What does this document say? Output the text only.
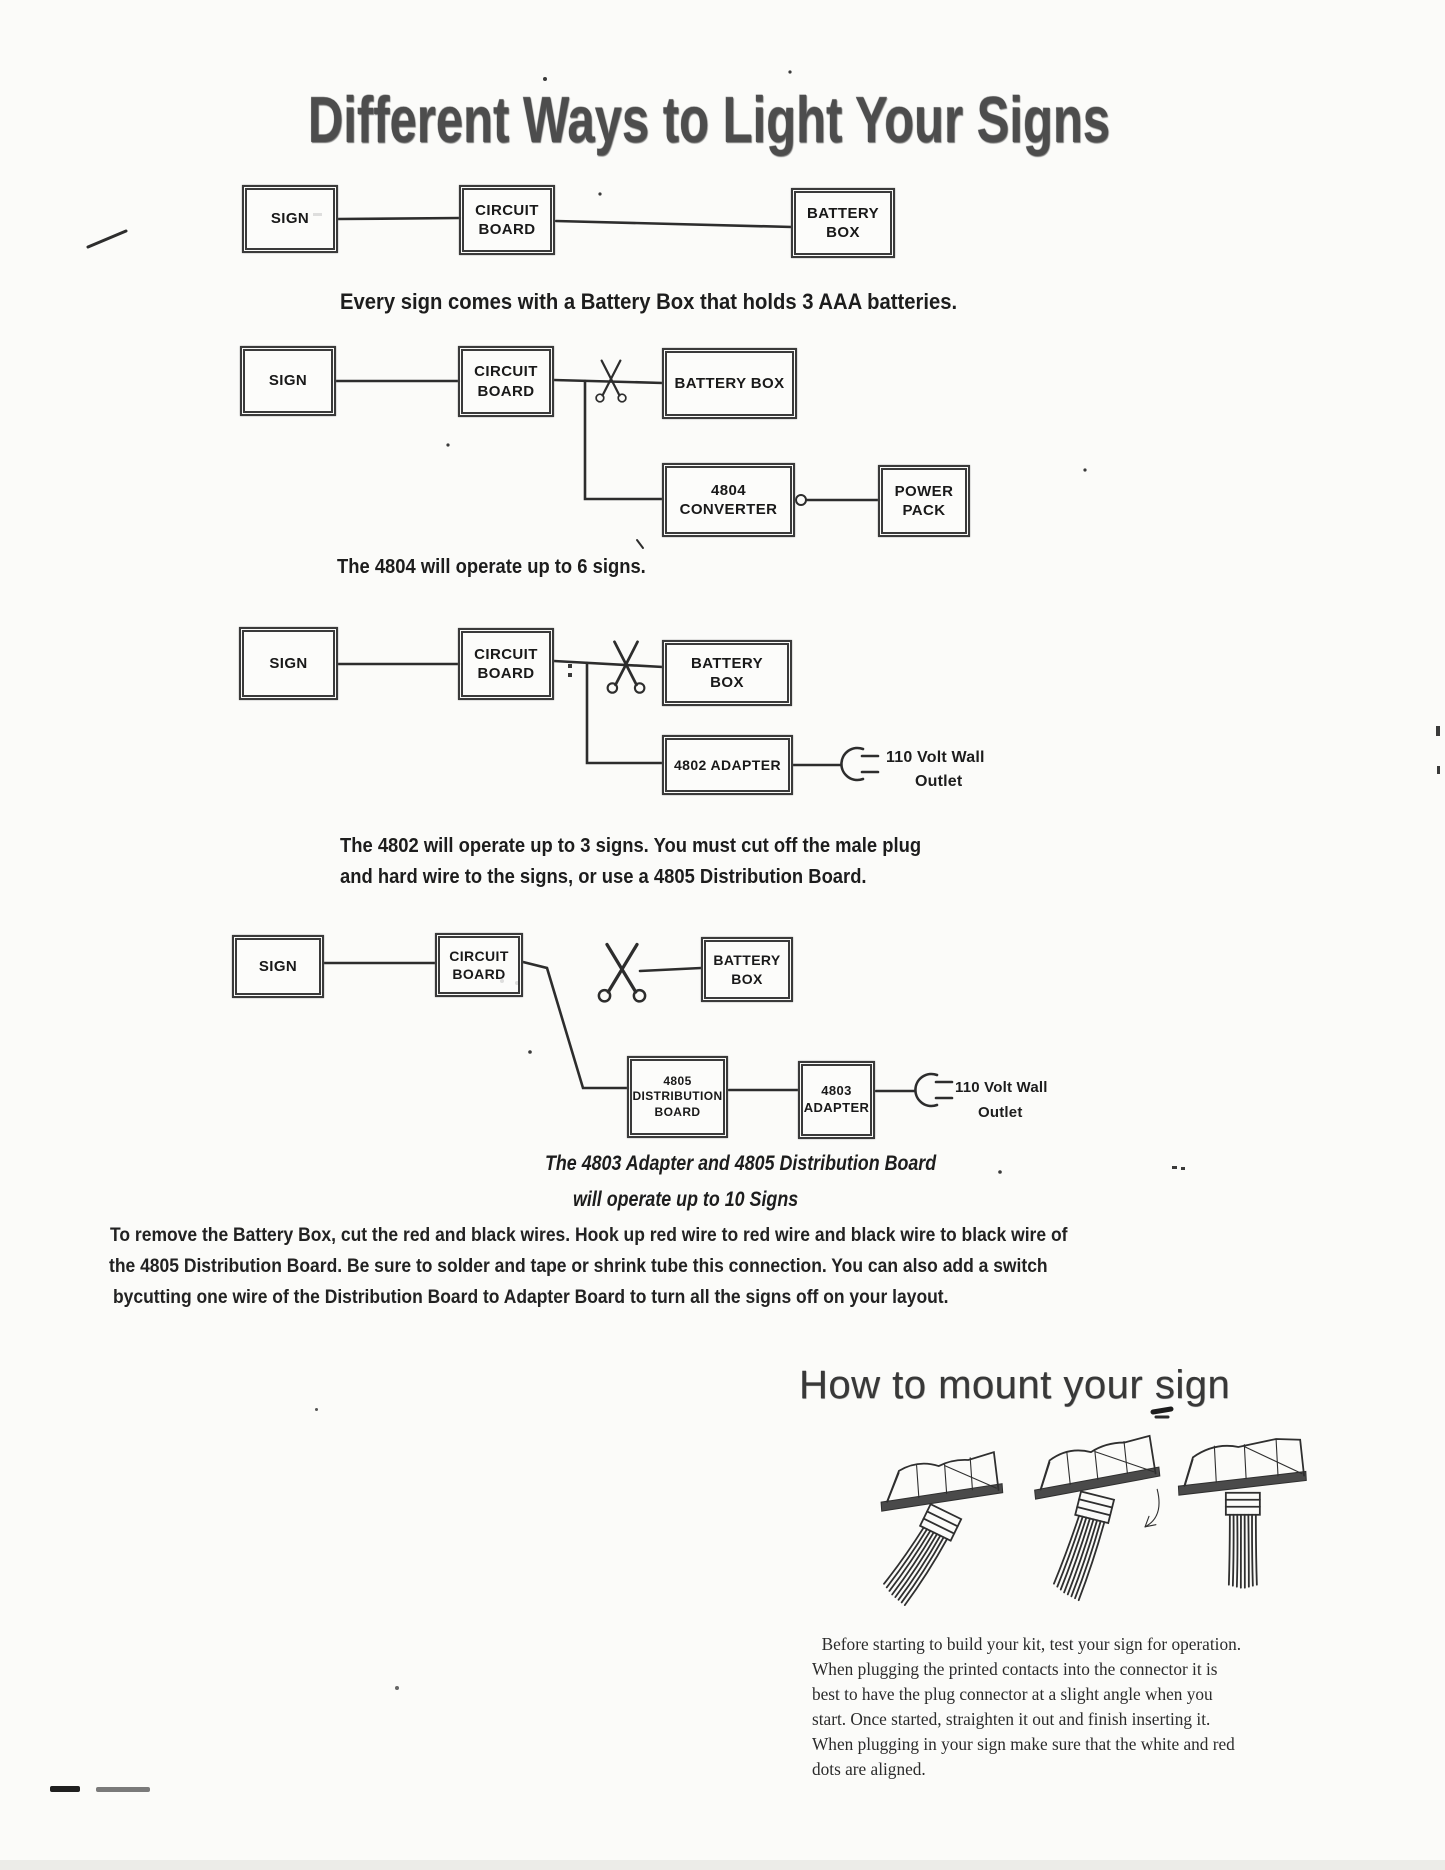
Different Ways to Light Your Signs
SIGN
CIRCUIT BOARD
BATTERY BOX
Every sign comes with a Battery Box that holds 3 AAA batteries.
SIGN
CIRCUIT BOARD	BATTERY BOX
4804 CONVERTER
POWER PACK
The 4804 will operate up to 6 signs.
SIGN
CIRCUIT BOARD
BATTERY BOX
4802 ADAPTER	110 Volt Wall
Outlet
The 4802 will operate up to 3 signs. You must cut off the male plug
and hard wire to the signs, or use a 4805 Distribution Board.
SIGN
CIRCUIT BOARD
BATTERY BOX
4805 DISTRIBUTION BOARD
4803 ADAPTER
110 Volt Wall
Outlet
The 4803 Adapter and 4805 Distribution Board
will operate up to 10 Signs
To remove the Battery Box, cut the red and black wires. Hook up red wire to red wire and black wire to black wire of
the 4805 Distribution Board. Be sure to solder and tape or shrink tube this connection. You can also add a switch
bycutting one wire of the Distribution Board to Adapter Board to turn all the signs off on your layout.
How to mount your sign
Before starting to build your kit, test your sign for operation.
When plugging the printed contacts into the connector it is
best to have the plug connector at a slight angle when you
start. Once started, straighten it out and finish inserting it.
When plugging in your sign make sure that the white and red
dots are aligned.
